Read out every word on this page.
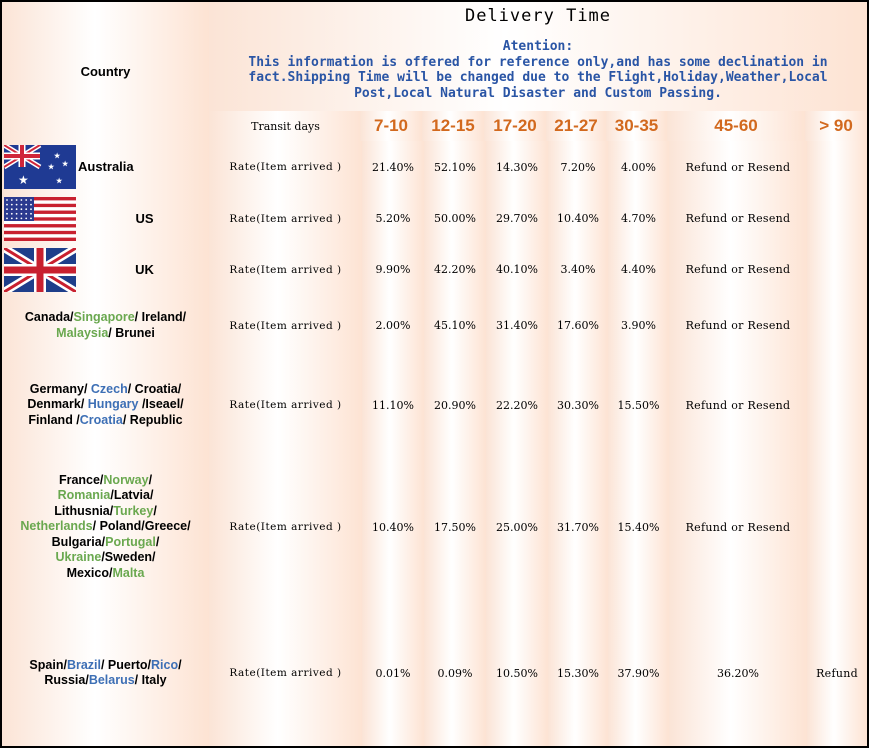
Country
Delivery Time
Atention:
This information is offered for reference only,and has some declination in fact.Shipping Time will be changed due to the Flight,Holiday,Weather,Local Post,Local Natural Disaster and Custom Passing.
Transit days	7-10	12-15	17-20	21-27	30-35	45-60	> 90
★
★
★
★
★
Australia	Rate(Item arrived )	21.40%	52.10%	14.30%	7.20%	4.00%	Refund or Resend
US	Rate(Item arrived )	5.20%	50.00%	29.70%	10.40%	4.70%	Refund or Resend
UK	Rate(Item arrived )	9.90%	42.20%	40.10%	3.40%	4.40%	Refund or Resend
Canada/Singapore/ Ireland/
Malaysia/ Brunei	Rate(Item arrived )	2.00%	45.10%	31.40%	17.60%	3.90%	Refund or Resend
Germany/ Czech/ Croatia/
Denmark/ Hungary /Iseael/
Finland /Croatia/ Republic
Rate(Item arrived )	11.10%	20.90%	22.20%	30.30%	15.50%	Refund or Resend
France/Norway/
Romania/Latvia/
Lithusnia/Turkey/
Netherlands/ Poland/Greece/
Bulgaria/Portugal/
Ukraine/Sweden/
Mexico/Malta
Rate(Item arrived )	10.40%	17.50%	25.00%	31.70%	15.40%	Refund or Resend
Spain/Brazil/ Puerto/Rico/
Russia/Belarus/ Italy	Rate(Item arrived )	0.01%	0.09%	10.50%	15.30%	37.90%	36.20%	Refund
